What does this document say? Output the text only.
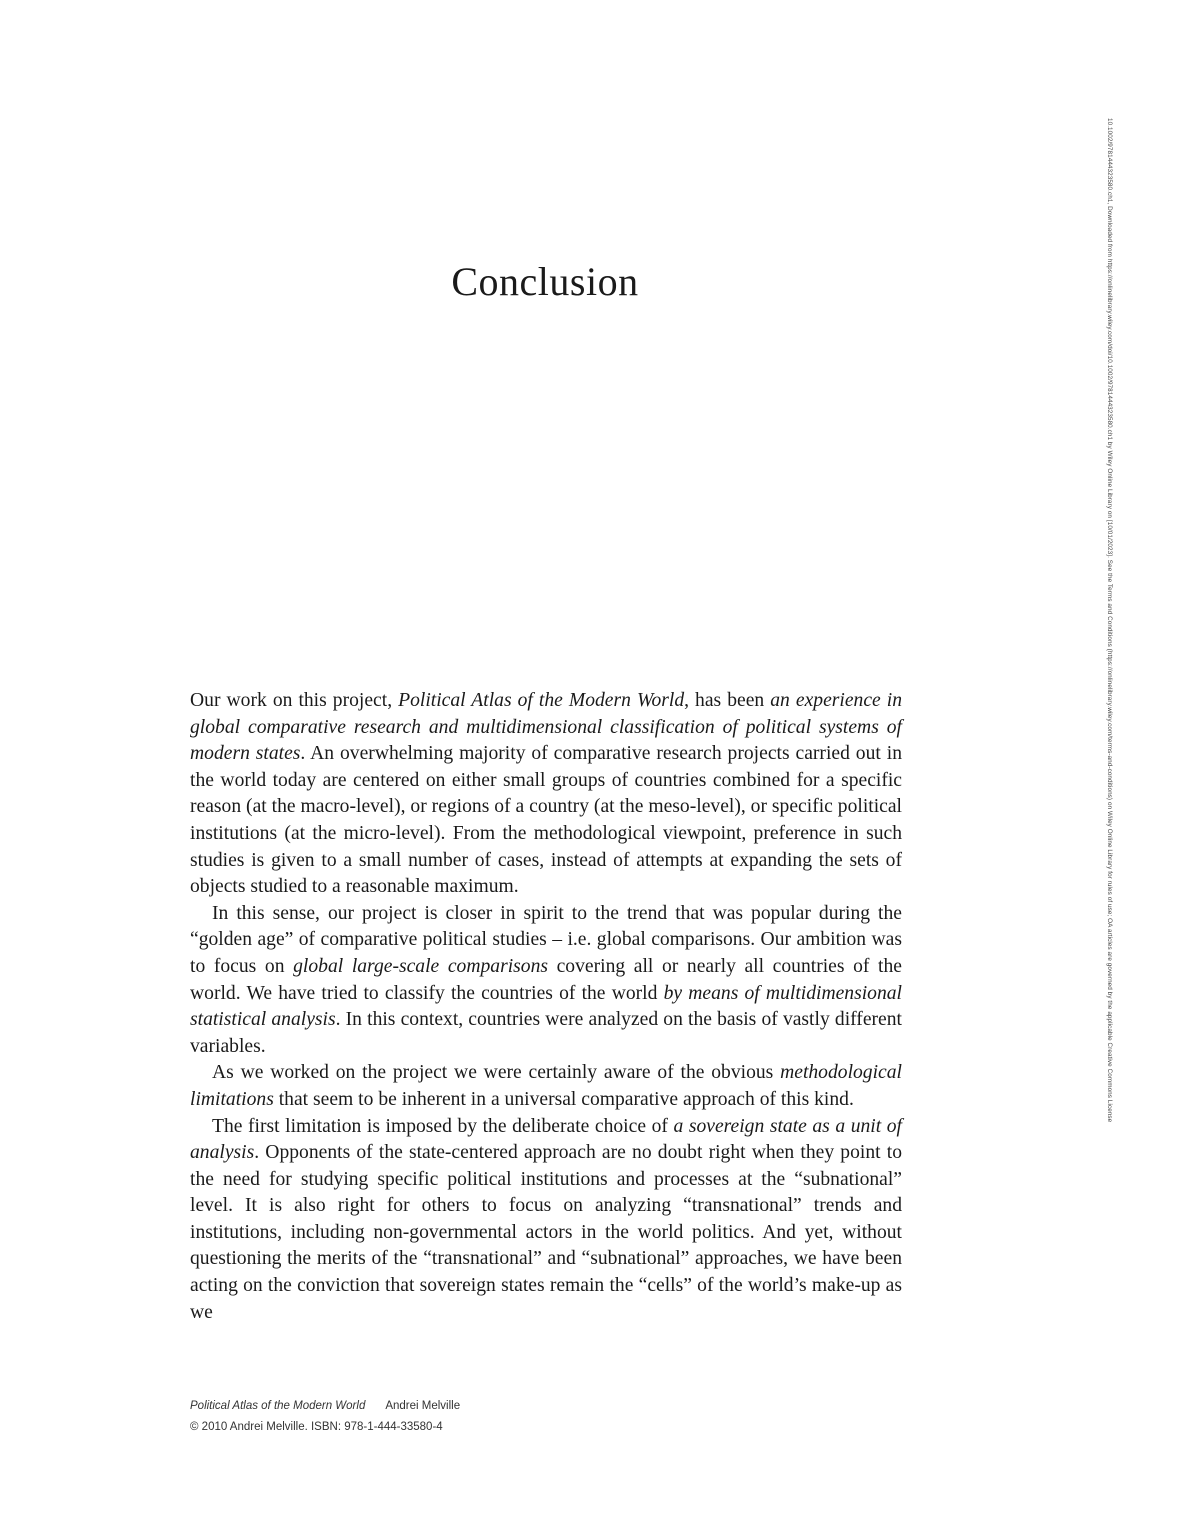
Conclusion

Our work on this project, Political Atlas of the Modern World, has been an experience in global comparative research and multidimensional classification of political systems of modern states. An overwhelming majority of comparative research projects carried out in the world today are centered on either small groups of countries combined for a specific reason (at the macro-level), or regions of a country (at the meso-level), or specific political institutions (at the micro-level). From the methodological viewpoint, preference in such studies is given to a small number of cases, instead of attempts at expanding the sets of objects studied to a reasonable maximum.

In this sense, our project is closer in spirit to the trend that was popular during the “golden age” of comparative political studies – i.e. global comparisons. Our ambition was to focus on global large-scale comparisons covering all or nearly all countries of the world. We have tried to classify the countries of the world by means of multidimensional statistical analysis. In this context, countries were analyzed on the basis of vastly different variables.

As we worked on the project we were certainly aware of the obvious methodological limitations that seem to be inherent in a universal comparative approach of this kind.

The first limitation is imposed by the deliberate choice of a sovereign state as a unit of analysis. Opponents of the state-centered approach are no doubt right when they point to the need for studying specific political institutions and processes at the “subnational” level. It is also right for others to focus on analyzing “transnational” trends and institutions, including non-governmental actors in the world politics. And yet, without questioning the merits of the “transnational” and “subnational” approaches, we have been acting on the conviction that sovereign states remain the “cells” of the world’s make-up as we

Political Atlas of the Modern World Andrei Melville
© 2010 Andrei Melville. ISBN: 978-1-444-33580-4
10.1002/9781444323580.ch1, Downloaded from https://onlinelibrary.wiley.com/doi/10.1002/9781444323580.ch1 by Wiley Online Library on [10/01/2023]. See the Terms and Conditions (https://onlinelibrary.wiley.com/terms-and-conditions) on Wiley Online Library for rules of use; OA articles are governed by the applicable Creative Commons License
